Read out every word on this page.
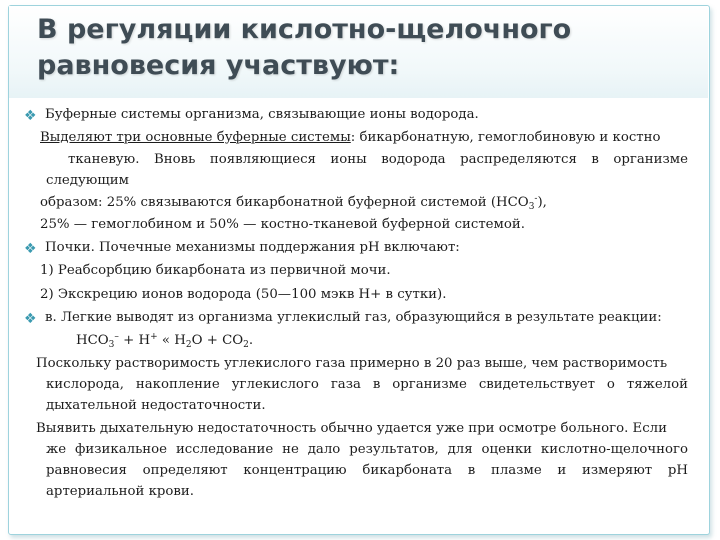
В регуляции кислотно-щелочного равновесия участвуют:
❖ Буферные системы организма, связывающие ионы водорода.
Выделяют три основные буферные системы: бикарбонатную, гемоглобиновую и костно
тканевую. Вновь появляющиеся ионы водорода распределяются в организме
следующим
образом: 25% связываются бикарбонатной буферной системой $(НСО_3^-)$,
25% — гемоглобином и 50% — костно-тканевой буферной системой.
❖ Почки. Почечные механизмы поддержания рН включают:
1) Реабсорбцию бикарбоната из первичной мочи.
2) Экскрецию ионов водорода (50—100 мэкв Н+ в сутки).
❖ в. Легкие выводят из организма углекислый газ, образующийся в результате реакции:
$НСО_3^- + Н^+$ « $Н_2О + СО_2$.
Поскольку растворимость углекислого газа примерно в 20 раз выше, чем растворимость
кислорода, накопление углекислого газа в организме свидетельствует о тяжелой
дыхательной недостаточности.
Выявить дыхательную недостаточность обычно удается уже при осмотре больного. Если
же физикальное исследование не дало результатов, для оценки кислотно-щелочного
равновесия определяют концентрацию бикарбоната в плазме и измеряют рН
артериальной крови.
